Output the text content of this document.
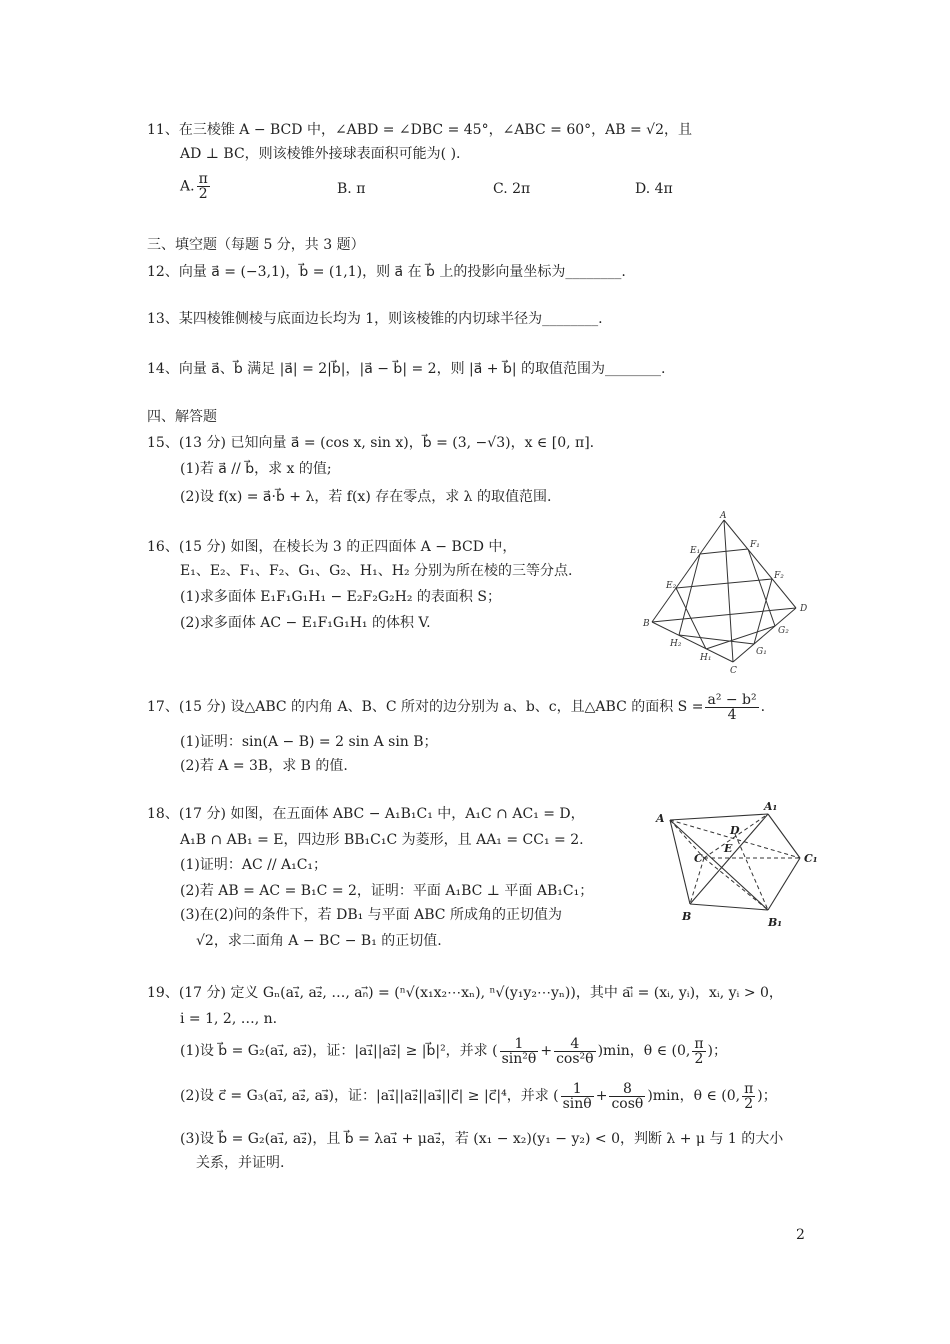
11、在三棱锥 A − BCD 中，∠ABD = ∠DBC = 45°，∠ABC = 60°，AB = √2，且
AD ⊥ BC，则该棱锥外接球表面积可能为( ).
A. $\frac{\pi}{2}$	B. π	C. 2π	D. 4π
三、填空题（每题 5 分，共 3 题）
12、向量 a⃗ = (−3,1)，b⃗ = (1,1)，则 a⃗ 在 b⃗ 上的投影向量坐标为________.
13、某四棱锥侧棱与底面边长均为 1，则该棱锥的内切球半径为________.
14、向量 a⃗、b⃗ 满足 |a⃗| = 2|b⃗|，|a⃗ − b⃗| = 2，则 |a⃗ + b⃗| 的取值范围为________.
四、解答题
15、(13 分) 已知向量 a⃗ = (cos x, sin x)，b⃗ = (3, −√3)，x ∈ [0, π].
(1)若 a⃗ // b⃗，求 x 的值;
(2)设 f(x) = a⃗·b⃗ + λ，若 f(x) 存在零点，求 λ 的取值范围.
16、(15 分) 如图，在棱长为 3 的正四面体 A − BCD 中，
E₁、E₂、F₁、F₂、G₁、G₂、H₁、H₂ 分别为所在棱的三等分点.
(1)求多面体 E₁F₁G₁H₁ − E₂F₂G₂H₂ 的表面积 S；
(2)求多面体 AC − E₁F₁G₁H₁ 的体积 V.
A
B
C
D
E₁
E₂
F₁
F₂
G₂
G₁
H₁
H₂
17、(15 分) 设△ABC 的内角 A、B、C 所对的边分别为 a、b、c，且△ABC 的面积 $S = \frac{\text{a² − b²}}{4}$ .
(1)证明：sin(A − B) = 2 sin A sin B；
(2)若 A = 3B，求 B 的值.
18、(17 分) 如图，在五面体 ABC − A₁B₁C₁ 中，A₁C ∩ AC₁ = D，
A₁B ∩ AB₁ = E，四边形 BB₁C₁C 为菱形，且 AA₁ = CC₁ = 2.
(1)证明：AC // A₁C₁；
(2)若 AB = AC = B₁C = 2，证明：平面 A₁BC ⊥ 平面 AB₁C₁；
(3)在(2)问的条件下，若 DB₁ 与平面 ABC 所成角的正切值为
√2，求二面角 A − BC − B₁ 的正切值.
A
A₁
B	B₁
C	C₁
D
E
19、(17 分) 定义 Gₙ(a₁⃗, a₂⃗, …, aₙ⃗) = (ⁿ√(x₁x₂⋯xₙ), ⁿ√(y₁y₂⋯yₙ))，其中 aᵢ⃗ = (xᵢ, yᵢ)，xᵢ, yᵢ > 0，
i = 1, 2, …, n.
(1)设 b⃗ = G₂(a₁⃗, a₂⃗)，证：|a₁⃗||a₂⃗| ≥ |b⃗|²，并求 ( $\frac{1}{\text{sin²θ}} + \frac{4}{\text{cos²θ}} )\min$，θ ∈ (0, $\frac{\pi}{2}$ )；
(2)设 c⃗ = G₃(a₁⃗, a₂⃗, a₃⃗)，证：|a₁⃗||a₂⃗||a₃⃗||c⃗| ≥ |c⃗|⁴，并求 ( $\frac{1}{\sin\theta} + \frac{8}{\cos\theta} )\min$，θ ∈ (0, $\frac{\pi}{2}$ )；
(3)设 b⃗ = G₂(a₁⃗, a₂⃗)，且 b⃗ = λa₁⃗ + μa₂⃗，若 (x₁ − x₂)(y₁ − y₂) < 0，判断 λ + μ 与 1 的大小
关系，并证明.
2
